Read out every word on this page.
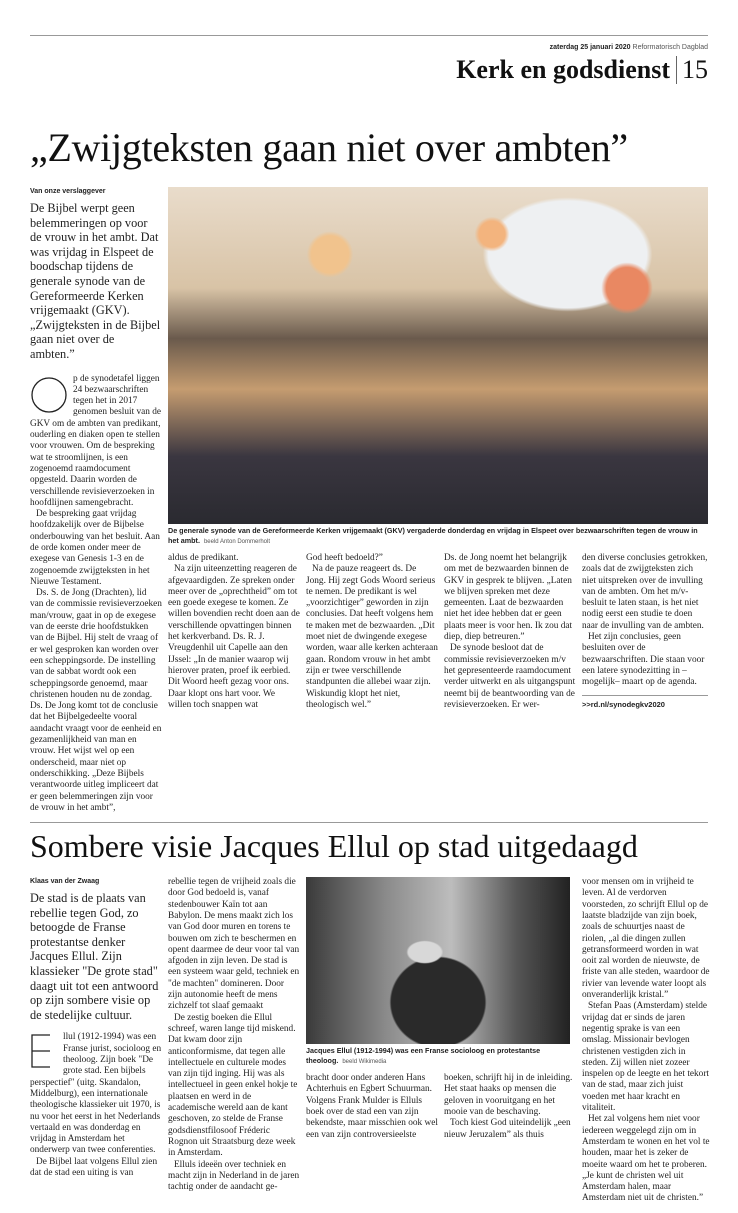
zaterdag 25 januari 2020 Reformatorisch Dagblad
Kerk en godsdienst 15
„Zwijgteksten gaan niet over ambten”
Van onze verslaggever
De Bijbel werpt geen belemmeringen op voor de vrouw in het ambt. Dat was vrijdag in Elspeet de boodschap tijdens de generale synode van de Gereformeerde Kerken vrijgemaakt (GKV). „Zwijgteksten in de Bijbel gaan niet over de ambten.”

p de synodetafel liggen 24 bezwaarschriften tegen het in 2017 genomen besluit van de GKV om de ambten van predikant, ouderling en diaken open te stellen voor vrouwen. Om de bespreking wat te stroomlijnen, is een zogenoemd raamdocument opgesteld. Daarin worden de verschillende revisieverzoeken in hoofdlijnen samengebracht.

De bespreking gaat vrijdag hoofdzakelijk over de Bijbelse onderbouwing van het besluit. Aan de orde komen onder meer de exegese van Genesis 1-3 en de zogenoemde zwijgteksten in het Nieuwe Testament.

Ds. S. de Jong (Drachten), lid van de commissie revisieverzoeken man/vrouw, gaat in op de exegese van de eerste drie hoofdstukken van de Bijbel. Hij stelt de vraag of er wel gesproken kan worden over een scheppingsorde. De instelling van de sabbat wordt ook een scheppingsorde genoemd, maar christenen houden nu de zondag. Ds. De Jong komt tot de conclusie dat het Bijbelgedeelte vooral aandacht vraagt voor de eenheid en gezamenlijkheid van man en vrouw. Het wijst wel op een onderscheid, maar niet op onderschikking. „Deze Bijbels verantwoorde uitleg impliceert dat er geen belemmeringen zijn voor de vrouw in het ambt”,

De generale synode van de Gereformeerde Kerken vrijgemaakt (GKV) vergaderde donderdag en vrijdag in Elspeet over bezwaarschriften tegen de vrouw in het ambt. beeld Anton Dommerholt

aldus de predikant.

Na zijn uiteenzetting reageren de afgevaardigden. Ze spreken onder meer over de „oprechtheid” om tot een goede exegese te komen. Ze willen bovendien recht doen aan de verschillende opvattingen binnen het kerkverband. Ds. R. J. Vreugdenhil uit Capelle aan den IJssel: „In de manier waarop wij hierover praten, proef ik eerbied. Dit Woord heeft gezag voor ons. Daar klopt ons hart voor. We willen toch snappen wat

God heeft bedoeld?”

Na de pauze reageert ds. De Jong. Hij zegt Gods Woord serieus te nemen. De predikant is wel „voorzichtiger” geworden in zijn conclusies. Dat heeft volgens hem te maken met de bezwaarden. „Dit moet niet de dwingende exegese worden, waar alle kerken achteraan gaan. Rondom vrouw in het ambt zijn er twee verschillende standpunten die allebei waar zijn. Wiskundig klopt het niet, theologisch wel.”

Ds. de Jong noemt het belangrijk om met de bezwaarden binnen de GKV in gesprek te blijven. „Laten we blijven spreken met deze gemeenten. Laat de bezwaarden niet het idee hebben dat er geen plaats meer is voor hen. Ik zou dat diep, diep betreuren.”

De synode besloot dat de commissie revisieverzoeken m/v het gepresenteerde raamdocument verder uitwerkt en als uitgangspunt neemt bij de beantwoording van de revisieverzoeken. Er wer-

den diverse conclusies getrokken, zoals dat de zwijgteksten zich niet uitspreken over de invulling van de ambten. Om het m/v-besluit te laten staan, is het niet nodig eerst een studie te doen naar de invulling van de ambten.

Het zijn conclusies, geen besluiten over de bezwaarschriften. Die staan voor een latere synodezitting in –mogelijk– maart op de agenda.

>>rd.nl/synodegkv2020
Sombere visie Jacques Ellul op stad uitgedaagd
Klaas van der Zwaag
De stad is de plaats van rebellie tegen God, zo betoogde de Franse protestantse denker Jacques Ellul. Zijn klassieker "De grote stad" daagt uit tot een antwoord op zijn sombere visie op de stedelijke cultuur.

llul (1912-1994) was een Franse jurist, socioloog en theoloog. Zijn boek "De grote stad. Een bijbels perspectief" (uitg. Skandalon, Middelburg), een internationale theologische klassieker uit 1970, is nu voor het eerst in het Nederlands vertaald en was donderdag en vrijdag in Amsterdam het onderwerp van twee conferenties.

De Bijbel laat volgens Ellul zien dat de stad een uiting is van

rebellie tegen de vrijheid zoals die door God bedoeld is, vanaf stedenbouwer Kaïn tot aan Babylon. De mens maakt zich los van God door muren en torens te bouwen om zich te beschermen en opent daarmee de deur voor tal van afgoden in zijn leven. De stad is een systeem waar geld, techniek en "de machten" domineren. Door zijn autonomie heeft de mens zichzelf tot slaaf gemaakt

De zestig boeken die Ellul schreef, waren lange tijd miskend. Dat kwam door zijn anticonformisme, dat tegen alle intellectuele en culturele modes van zijn tijd inging. Hij was als intellectueel in geen enkel hokje te plaatsen en werd in de academische wereld aan de kant geschoven, zo stelde de Franse godsdienstfilosoof Fréderic Rognon uit Straatsburg deze week in Amsterdam.

Elluls ideeën over techniek en macht zijn in Nederland in de jaren tachtig onder de aandacht ge-

Jacques Ellul (1912-1994) was een Franse socioloog en protestantse theoloog. beeld Wikimedia

bracht door onder anderen Hans Achterhuis en Egbert Schuurman. Volgens Frank Mulder is Elluls boek over de stad een van zijn bekendste, maar misschien ook wel een van zijn controversieelste

boeken, schrijft hij in de inleiding. Het staat haaks op mensen die geloven in vooruitgang en het mooie van de beschaving.

Toch kiest God uiteindelijk „een nieuw Jeruzalem” als thuis

voor mensen om in vrijheid te leven. Al de verdorven voorsteden, zo schrijft Ellul op de laatste bladzijde van zijn boek, zoals de schuurtjes naast de riolen, „al die dingen zullen getransformeerd worden in wat ooit zal worden de nieuwste, de friste van alle steden, waardoor de rivier van levende water loopt als onveranderlijk kristal.”

Stefan Paas (Amsterdam) stelde vrijdag dat er sinds de jaren negentig sprake is van een omslag. Missionair bevlogen christenen vestigden zich in steden. Zij willen niet zozeer inspelen op de leegte en het tekort van de stad, maar zich juist voeden met haar kracht en vitaliteit.

Het zal volgens hem niet voor iedereen weggelegd zijn om in Amsterdam te wonen en het vol te houden, maar het is zeker de moeite waard om het te proberen. „Je kunt de christen wel uit Amsterdam halen, maar Amsterdam niet uit de christen.”
